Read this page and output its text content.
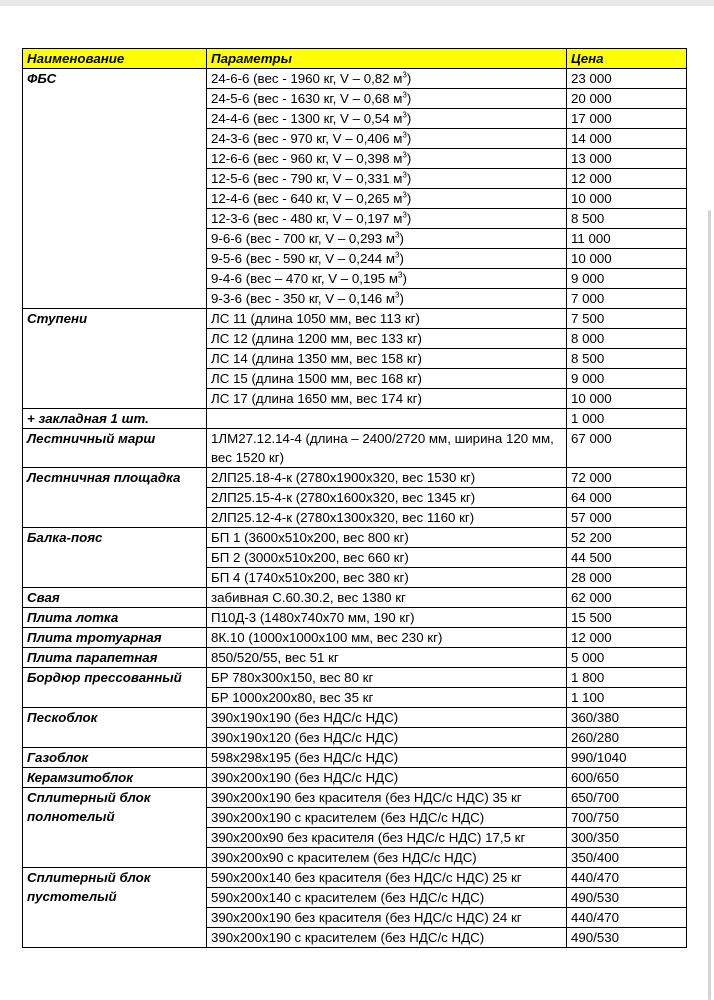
Наименование	Параметры	Цена
ФБС	24-6-6 (вес - 1960 кг, V – 0,82 $м^3$)	23 000
	24-5-6 (вес - 1630 кг, V – 0,68 $м^3$)	20 000
	24-4-6 (вес - 1300 кг, V – 0,54 $м^3$)	17 000
	24-3-6 (вес - 970 кг, V – 0,406 $м^3$)	14 000
	12-6-6 (вес - 960 кг, V – 0,398 $м^3$)	13 000
	12-5-6 (вес - 790 кг, V – 0,331 $м^3$)	12 000
	12-4-6 (вес - 640 кг, V – 0,265 $м^3$)	10 000
	12-3-6 (вес - 480 кг, V – 0,197 $м^3$)	8 500
	9-6-6 (вес - 700 кг, V – 0,293 $м^3$)	11 000
	9-5-6 (вес - 590 кг, V – 0,244 $м^3$)	10 000
	9-4-6 (вес – 470 кг, V – 0,195 $м^3$)	9 000
	9-3-6 (вес - 350 кг, V – 0,146 $м^3$)	7 000
Ступени	ЛС 11 (длина 1050 мм, вес 113 кг)	7 500
	ЛС 12 (длина 1200 мм, вес 133 кг)	8 000
	ЛС 14 (длина 1350 мм, вес 158 кг)	8 500
	ЛС 15 (длина 1500 мм, вес 168 кг)	9 000
	ЛС 17 (длина 1650 мм, вес 174 кг)	10 000
+ закладная 1 шт.		1 000
Лестничный марш	1ЛМ27.12.14-4 (длина – 2400/2720 мм, ширина 120 мм, вес 1520 кг)	67 000
Лестничная площадка	2ЛП25.18-4-к (2780x1900x320, вес 1530 кг)	72 000
	2ЛП25.15-4-к (2780x1600x320, вес 1345 кг)	64 000
	2ЛП25.12-4-к (2780x1300x320, вес 1160 кг)	57 000
Балка-пояс	БП 1 (3600x510x200, вес 800 кг)	52 200
	БП 2 (3000x510x200, вес 660 кг)	44 500
	БП 4 (1740x510x200, вес 380 кг)	28 000
Свая	забивная С.60.30.2, вес 1380 кг	62 000
Плита лотка	П10Д-3 (1480x740x70 мм, 190 кг)	15 500
Плита тротуарная	8К.10 (1000x1000x100 мм, вес 230 кг)	12 000
Плита парапетная	850/520/55, вес 51 кг	5 000
Бордюр прессованный	БР 780x300x150, вес 80 кг	1 800
	БР 1000x200x80, вес 35 кг	1 100
Пескоблок	390x190x190 (без НДС/с НДС)	360/380
	390x190x120 (без НДС/с НДС)	260/280
Газоблок	598x298x195 (без НДС/с НДС)	990/1040
Керамзитоблок	390x200x190 (без НДС/с НДС)	600/650
Сплитерный блок полнотелый	390x200x190 без красителя (без НДС/с НДС) 35 кг	650/700
	390x200x190 с красителем (без НДС/с НДС)	700/750
	390x200x90 без красителя (без НДС/с НДС) 17,5 кг	300/350
	390x200x90 с красителем (без НДС/с НДС)	350/400
Сплитерный блок пустотелый	590x200x140 без красителя (без НДС/с НДС) 25 кг	440/470
	590x200x140 с красителем (без НДС/с НДС)	490/530
	390x200x190 без красителя (без НДС/с НДС) 24 кг	440/470
	390x200x190 с красителем (без НДС/с НДС)	490/530
